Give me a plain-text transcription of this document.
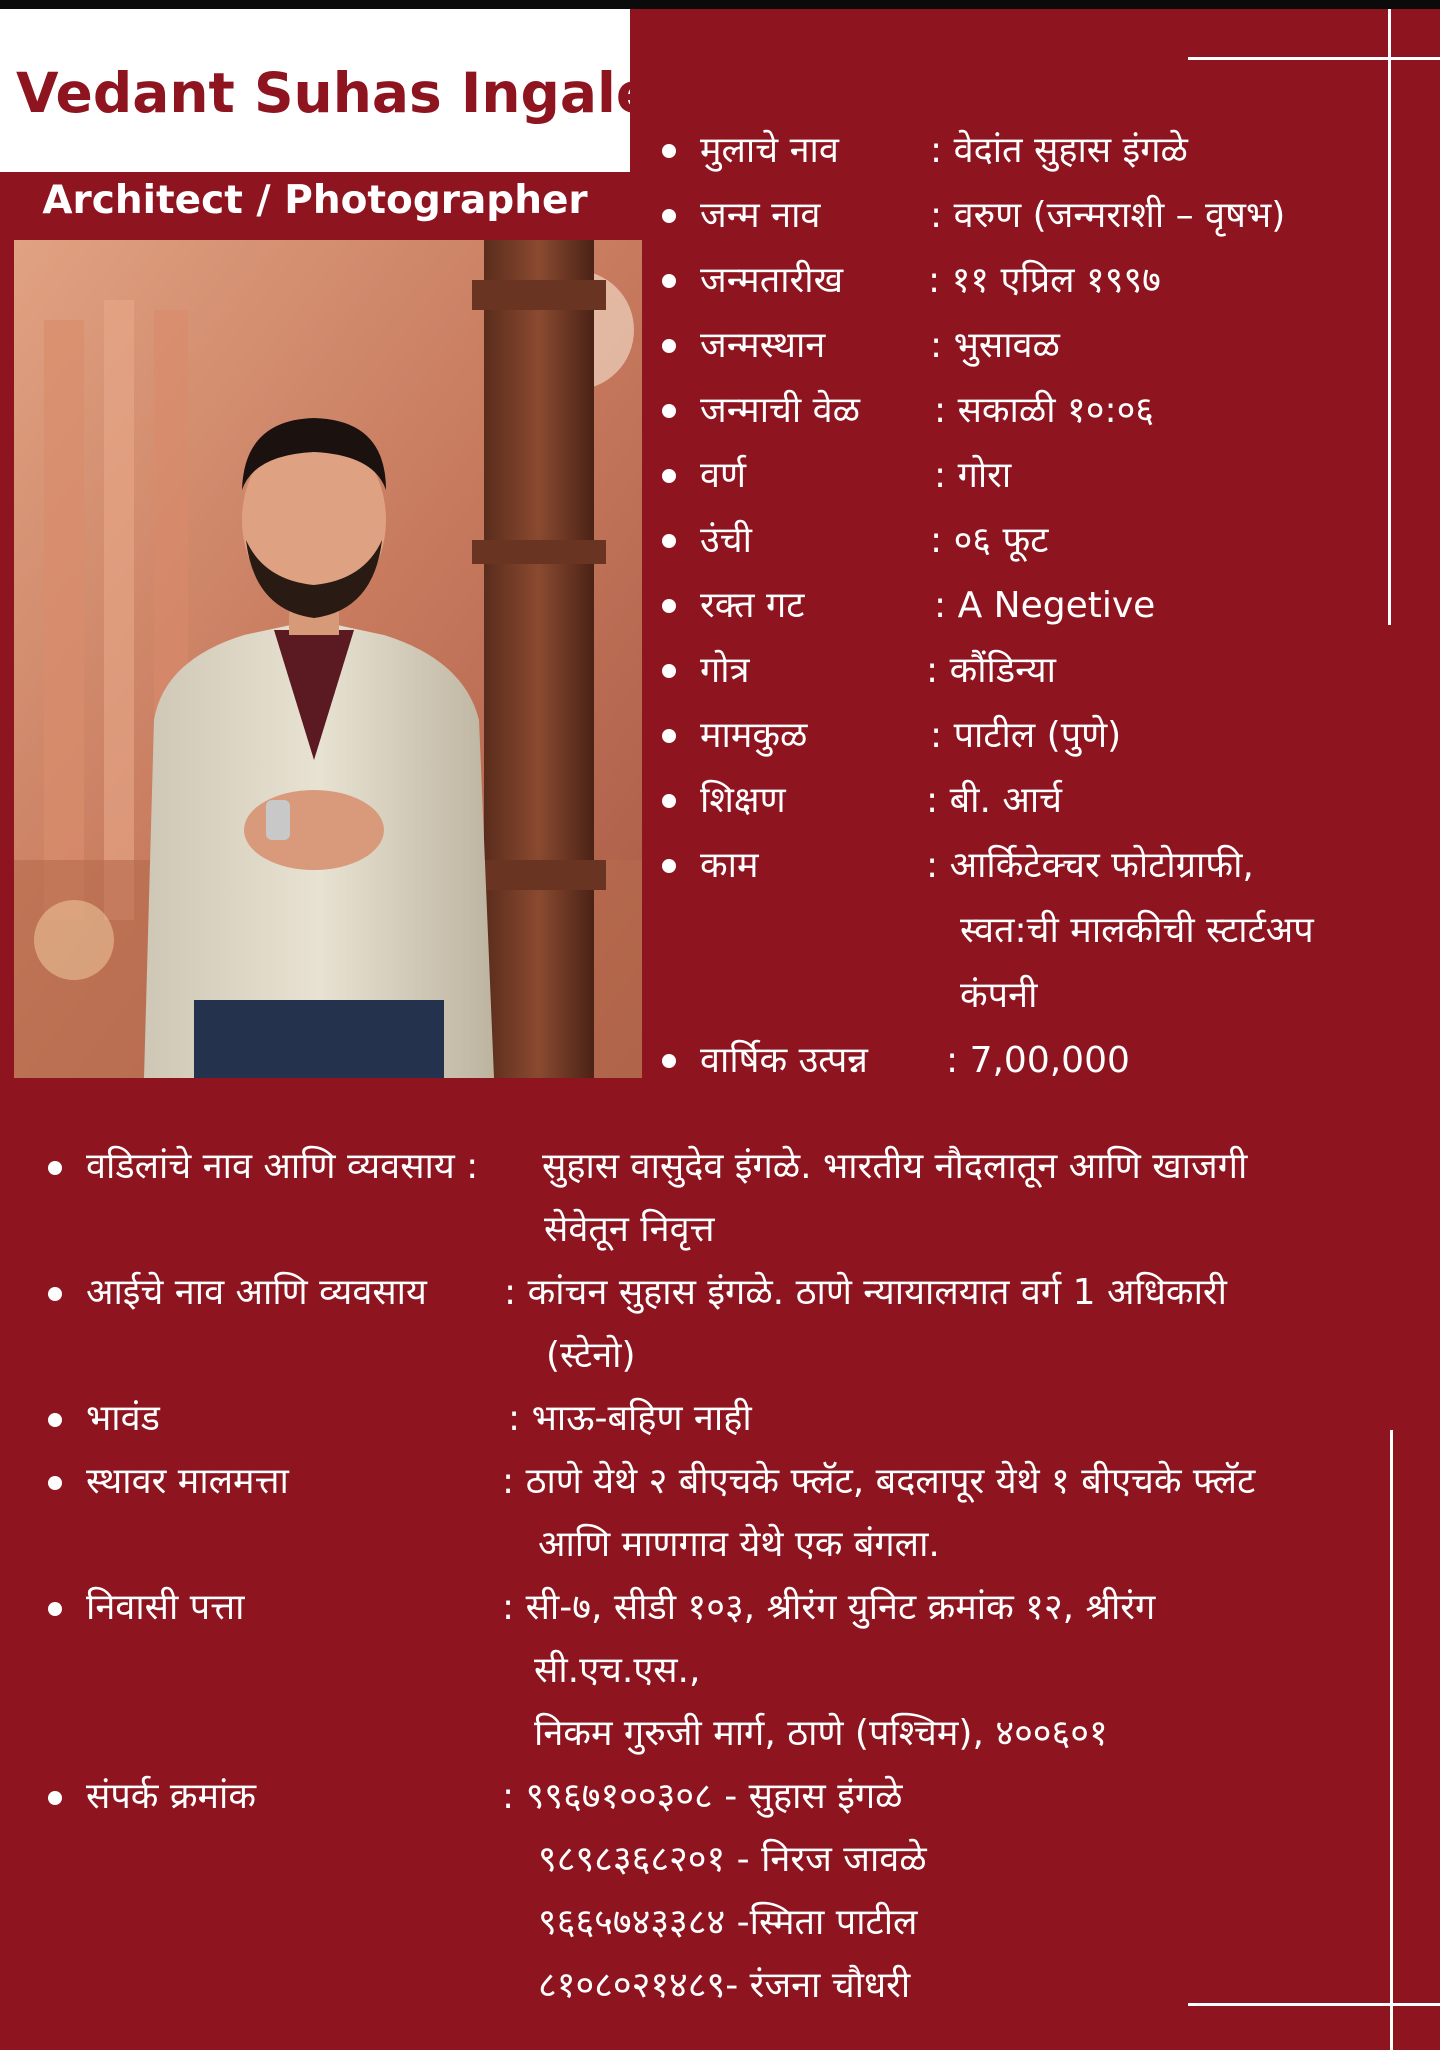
Vedant Suhas Ingale
Architect / Photographer
मुलाचे नाव	: वेदांत सुहास इंगळे
जन्म नाव	: वरुण (जन्मराशी – वृषभ)
जन्मतारीख : ११ एप्रिल १९९७
जन्मस्थान	: भुसावळ
जन्माची वेळ : सकाळी १०:०६
वर्ण	: गोरा
उंची	: ०६ फूट
रक्त गट	: A Negetive
गोत्र	: कौंडिन्या
मामकुळ	: पाटील (पुणे)
शिक्षण	: बी. आर्च
काम	: आर्किटेक्चर फोटोग्राफी,
स्वत:ची मालकीची स्टार्टअप
कंपनी
वार्षिक उत्पन्न : 7,00,000
वडिलांचे नाव आणि व्यवसाय : सुहास वासुदेव इंगळे. भारतीय नौदलातून आणि खाजगी
सेवेतून निवृत्त
आईचे नाव आणि व्यवसाय : कांचन सुहास इंगळे. ठाणे न्यायालयात वर्ग 1 अधिकारी
(स्टेनो)
भावंड	: भाऊ-बहिण नाही
स्थावर मालमत्ता	: ठाणे येथे २ बीएचके फ्लॅट, बदलापूर येथे १ बीएचके फ्लॅट
आणि माणगाव येथे एक बंगला.
निवासी पत्ता	: सी-७, सीडी १०३, श्रीरंग युनिट क्रमांक १२, श्रीरंग
सी.एच.एस.,
निकम गुरुजी मार्ग, ठाणे (पश्चिम), ४००६०१
संपर्क क्रमांक	: ९९६७१००३०८ - सुहास इंगळे
९८९८३६८२०१ - निरज जावळे
९६६५७४३३८४ -स्मिता पाटील
८१०८०२१४८९- रंजना चौधरी
